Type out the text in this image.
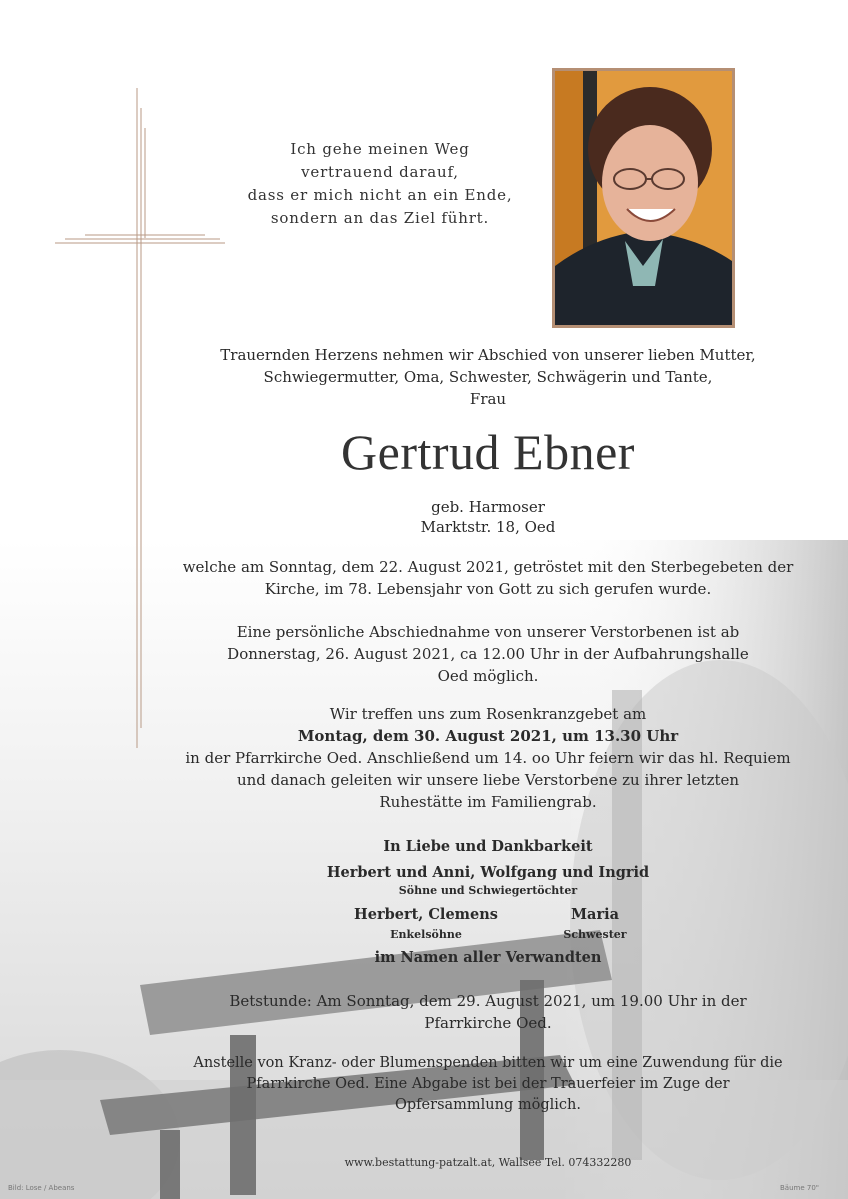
Ich gehe meinen Weg
vertrauend darauf,
dass er mich nicht an ein Ende,
sondern an das Ziel führt.
Trauernden Herzens nehmen wir Abschied von unserer lieben Mutter,
Schwiegermutter, Oma, Schwester, Schwägerin und Tante,
Frau
Gertrud Ebner
geb. Harmoser
Marktstr. 18, Oed
welche am Sonntag, dem 22. August 2021, getröstet mit den Sterbegebeten der
Kirche, im 78. Lebensjahr von Gott zu sich gerufen wurde.
Eine persönliche Abschiednahme von unserer Verstorbenen ist ab
Donnerstag, 26. August 2021, ca 12.00 Uhr in der Aufbahrungshalle
Oed möglich.
Wir treffen uns zum Rosenkranzgebet am
Montag, dem 30. August 2021, um 13.30 Uhr
in der Pfarrkirche Oed. Anschließend um 14. oo Uhr feiern wir das hl. Requiem
und danach geleiten wir unsere liebe Verstorbene zu ihrer letzten
Ruhestätte im Familiengrab.
In Liebe und Dankbarkeit
Herbert und Anni, Wolfgang und Ingrid
Söhne und Schwiegertöchter
Herbert, Clemens
Enkelsöhne
Maria
Schwester
im Namen aller Verwandten
Betstunde: Am Sonntag, dem 29. August 2021, um 19.00 Uhr in der
Pfarrkirche Oed.
Anstelle von Kranz- oder Blumenspenden bitten wir um eine Zuwendung für die
Pfarrkirche Oed. Eine Abgabe ist bei der Trauerfeier im Zuge der
Opfersammlung möglich.
www.bestattung-patzalt.at, Wallsee Tel. 074332280
Bild: Lose / Abeans	Bäume 70"
